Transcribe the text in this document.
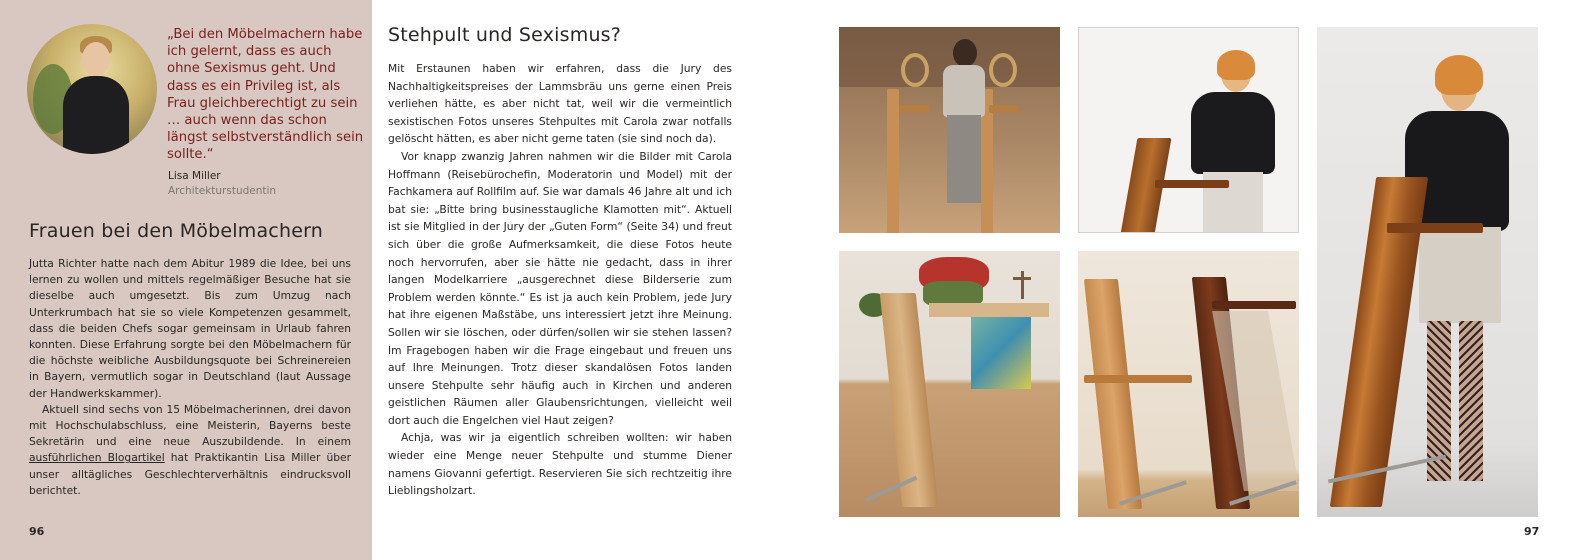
„Bei den Möbelmachern habe ich gelernt, dass es auch ohne Sexismus geht. Und dass es ein Privileg ist, als Frau gleichberechtigt zu sein … auch wenn das schon längst selbstverständlich sein sollte.“

Lisa Miller
Architekturstudentin
Frauen bei den Möbelmachern

Jutta Richter hatte nach dem Abitur 1989 die Idee, bei uns lernen zu wollen und mittels regelmäßiger Besuche hat sie dieselbe auch umgesetzt. Bis zum Umzug nach Unterkrumbach hat sie so viele Kompetenzen gesammelt, dass die beiden Chefs sogar gemeinsam in Urlaub fahren konnten. Diese Erfahrung sorgte bei den Möbelmachern für die höchste weibliche Ausbildungsquote bei Schreinereien in Bayern, vermutlich sogar in Deutschland (laut Aussage der Handwerkskammer).

Aktuell sind sechs von 15 Möbelmacherinnen, drei davon mit Hochschulabschluss, eine Meisterin, Bayerns beste Sekretärin und eine neue Auszubildende. In einem ausführlichen Blogartikel hat Praktikantin Lisa Miller über unser alltägliches Geschlechterverhältnis eindrucksvoll berichtet.

96
Stehpult und Sexismus?

Mit Erstaunen haben wir erfahren, dass die Jury des Nachhaltigkeitspreises der Lammsbräu uns gerne einen Preis verliehen hätte, es aber nicht tat, weil wir die vermeintlich sexistischen Fotos unseres Stehpultes mit Carola zwar notfalls gelöscht hätten, es aber nicht gerne taten (sie sind noch da).

Vor knapp zwanzig Jahren nahmen wir die Bilder mit Carola Hoffmann (Reisebürochefin, Moderatorin und Model) mit der Fachkamera auf Rollfilm auf. Sie war damals 46 Jahre alt und ich bat sie: „Bitte bring businesstaugliche Klamotten mit“. Aktuell ist sie Mitglied in der Jury der „Guten Form“ (Seite 34) und freut sich über die große Aufmerksamkeit, die diese Fotos heute noch hervorrufen, aber sie hätte nie gedacht, dass in ihrer langen Modelkarriere „ausgerechnet diese Bilderserie zum Problem werden könnte.“ Es ist ja auch kein Problem, jede Jury hat ihre eigenen Maßstäbe, uns interessiert jetzt ihre Meinung. Sollen wir sie löschen, oder dürfen/sollen wir sie stehen lassen? Im Fragebogen haben wir die Frage eingebaut und freuen uns auf Ihre Meinungen. Trotz dieser skandalösen Fotos landen unsere Stehpulte sehr häufig auch in Kirchen und anderen geistlichen Räumen aller Glaubensrichtungen, vielleicht weil dort auch die Engelchen viel Haut zeigen?

Achja, was wir ja eigentlich schreiben wollten: wir haben wieder eine Menge neuer Stehpulte und stumme Diener namens Giovanni gefertigt. Reservieren Sie sich rechtzeitig ihre Lieblingsholzart.

97
